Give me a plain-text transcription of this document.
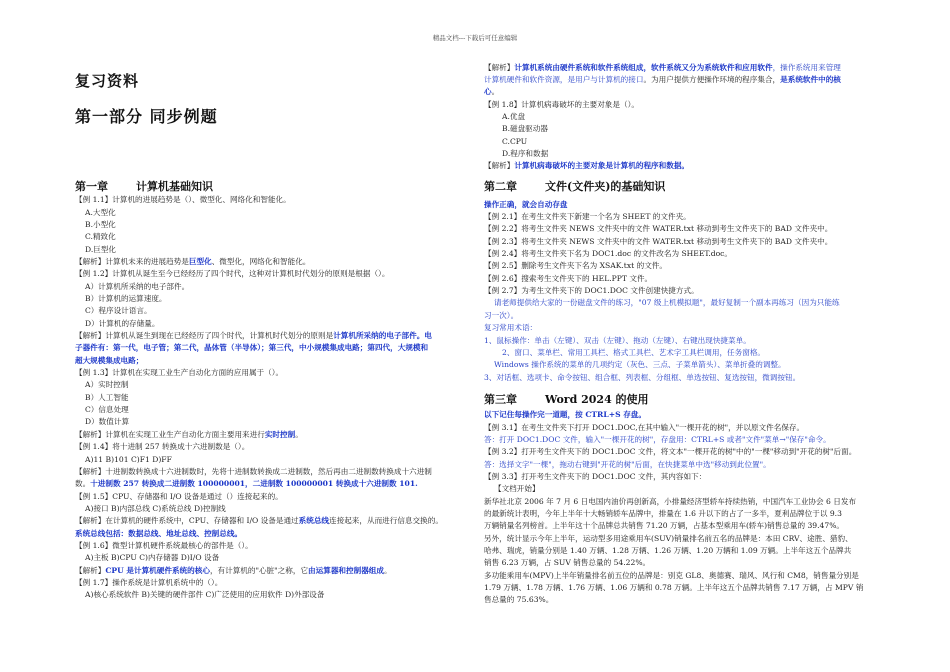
精品文档---下载后可任意编辑
复习资料
第一部分 同步例题
第一章	计算机基础知识
【例 1.1】计算机的进展趋势是（）、微型化、网络化和智能化。
A.大型化
B.小型化
C.精致化
D.巨型化
【解析】计算机未来的进展趋势是巨型化、微型化，网络化和智能化。
【例 1.2】计算机从诞生至今已经经历了四个时代，这种对计算机时代划分的原则是根据（）。
A）计算机所采纳的电子部件。
B）计算机的运算速度。
C）程序设计语言。
D）计算机的存储量。
【解析】计算机从诞生到现在已经经历了四个时代，计算机时代划分的原则是计算机所采纳的电子部件。电
子器件有：第一代，电子管；第二代，晶体管（半导体）；第三代，中小规模集成电路；第四代，大规模和
超大规模集成电路；
【例 1.3】计算机在实现工业生产自动化方面的应用属于（）。
A）实时控制
B）人工智能
C）信息处理
D）数值计算
【解析】计算机在实现工业生产自动化方面主要用来进行实时控制。
【例 1.4】将十进制 257 转换成十六进制数是（）。
A)11 B)101 C)F1 D)FF
【解析】十进制数转换成十六进制数时，先将十进制数转换成二进制数，然后再由二进制数转换成十六进制
数。十进制数 257 转换成二进制数 100000001，二进制数 100000001 转换成十六进制数 101.
【例 1.5】CPU、存储器和 I/O 设备是通过（）连接起来的。
A)接口 B)内部总线 C)系统总线 D)控制线
【解析】在计算机的硬件系统中，CPU、存储器和 I/O 设备是通过系统总线连接起来，从而进行信息交换的。
系统总线包括：数据总线、地址总线、控制总线。
【例 1.6】微型计算机硬件系统最核心的部件是（）。
A)主板 B)CPU C)内存储器 D)I/O 设备
【解析】CPU 是计算机硬件系统的核心，有计算机的"心脏"之称，它由运算器和控制器组成。
【例 1.7】操作系统是计算机系统中的（）。
A)核心系统软件 B)关键的硬件部件 C)广泛使用的应用软件 D)外部设备
【解析】计算机系统由硬件系统和软件系统组成，软件系统又分为系统软件和应用软件，操作系统用来管理
计算机硬件和软件资源，是用户与计算机的接口。为用户提供方便操作环境的程序集合，是系统软件中的核
心。
【例 1.8】计算机病毒破坏的主要对象是（）。
A.优盘
B.磁盘驱动器
C.CPU
D.程序和数据
【解析】计算机病毒破坏的主要对象是计算机的程序和数据。
第二章	文件(文件夹)的基础知识
操作正确，就会自动存盘
【例 2.1】在考生文件夹下新建一个名为 SHEET 的文件夹。
【例 2.2】将考生文件夹 NEWS 文件夹中的文件 WATER.txt 移动到考生文件夹下的 BAD 文件夹中。
【例 2.3】将考生文件夹 NEWS 文件夹中的文件 WATER.txt 移动到考生文件夹下的 BAD 文件夹中。
【例 2.4】将考生文件夹下名为 DOC1.doc 的文件改名为 SHEET.doc。
【例 2.5】删除考生文件夹下名为 XSAK.txt 的文件。
【例 2.6】搜索考生文件夹下的 HEL.PPT 文件。
【例 2.7】为考生文件夹下的 DOC1.DOC 文件创建快捷方式。
请老师提供给大家的一份磁盘文件的练习，"07 级上机模拟题"，最好复制一个副本再练习（因为只能练
习一次）。
复习常用术语：
1、鼠标操作：单击（左键）、双击（左键）、拖动（左键）、右键出现快捷菜单。
2、窗口、菜单栏、常用工具栏、格式工具栏、艺术字工具栏调用，任务窗格。
Windows 操作系统的菜单的几项约定（灰色、三点、子菜单箭头）、菜单折叠的调整。
3、对话框、选项卡、命令按钮、组合框、列表框、分组框、单选按钮、复选按钮，微调按钮。
第三章	Word 2024 的使用
以下记住每操作完一道题，按 CTRL+S 存盘。
【例 3.1】在考生文件夹下打开 DOC1.DOC,在其中输入"一棵开花的树"，并以原文件名保存。
答：打开 DOC1.DOC 文件，输入"一棵开花的树"，存盘用：CTRL+S 或者"文件"菜单→"保存"命令。
【例 3.2】打开考生文件夹下的 DOC1.DOC 文件，将文本"一棵开花的树"中的"一棵"移动到"开花的树"后面。
答：选择文字"一棵"，拖动右键到"开花的树"后面，在快捷菜单中选"移动到此位置"。
【例 3.3】打开考生文件夹下的 DOC1.DOC 文件，其内容如下：
【文档开始】
新华社北京 2006 年 7 月 6 日电国内油价再创新高，小排量经济型轿车持续热销，中国汽车工业协会 6 日发布
的最新统计表明，今年上半年十大畅销轿车品牌中，排量在 1.6 升以下的占了一多半，夏利品牌位于以 9.3
万辆销量名列榜首。上半年这十个品牌总共销售 71.20 万辆，占基本型乘用车(轿车)销售总量的 39.47%。
另外，统计显示今年上半年，运动型多用途乘用车(SUV)销量排名前五名的品牌是：本田 CRV、途胜、猎豹、
哈弗、瑞虎，销量分别是 1.40 万辆、1.28 万辆、1.26 万辆、1.20 万辆和 1.09 万辆。上半年这五个品牌共
销售 6.23 万辆，占 SUV 销售总量的 54.22%。
多功能乘用车(MPV)上半年销量排名前五位的品牌是：别克 GL8、奥德赛、瑞风、风行和 CM8，销售量分别是
1.79 万辆、1.78 万辆、1.76 万辆、1.06 万辆和 0.78 万辆。上半年这五个品牌共销售 7.17 万辆，占 MPV 销
售总量的 75.63%。
